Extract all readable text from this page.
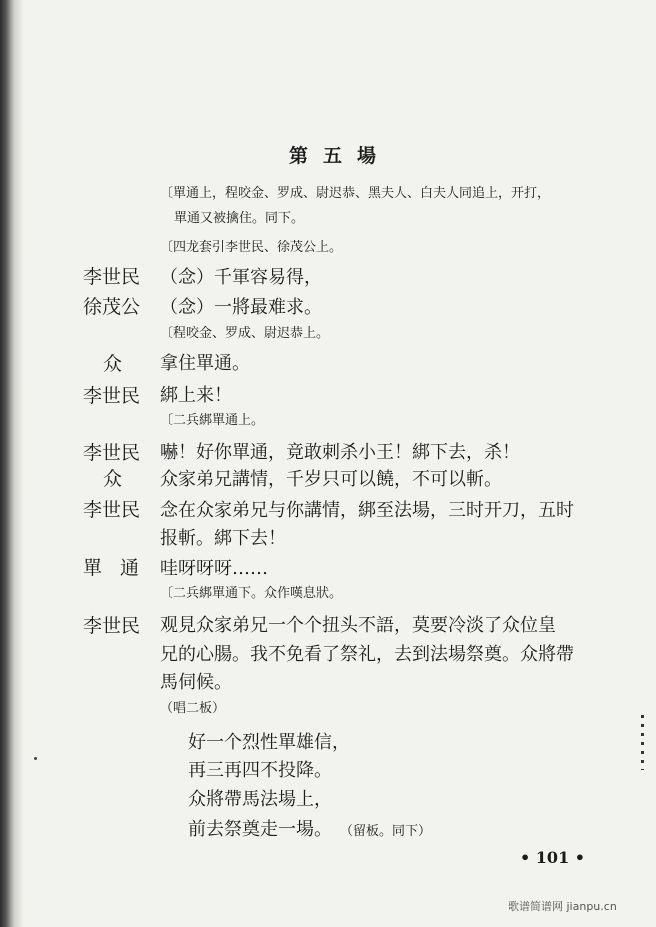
第五場
〔單通上，程咬金、罗成、尉迟恭、黑夫人、白夫人同追上，开打，
單通又被擒住。同下。
〔四龙套引李世民、徐茂公上。
李世民 （念）千軍容易得，
徐茂公 （念）一將最难求。
〔程咬金、罗成、尉迟恭上。
众 拿住單通。
李世民 綁上来！
〔二兵綁單通上。
李世民 嚇！好你單通，竟敢刺杀小王！綁下去，杀！
众 众家弟兄講情，千岁只可以饒，不可以斬。
李世民 念在众家弟兄与你講情，綁至法場，三时开刀，五时
报斬。綁下去！
單通 哇呀呀呀……
〔二兵綁單通下。众作嘆息狀。
李世民 观見众家弟兄一个个扭头不語，莫要冷淡了众位皇
兄的心腸。我不免看了祭礼，去到法場祭奠。众將帶
馬伺候。
（唱二板）
好一个烈性單雄信，
再三再四不投降。
众將帶馬法場上，
前去祭奠走一場。 （留板。同下）
• 101 •
歌谱简谱网 jianpu.cn
